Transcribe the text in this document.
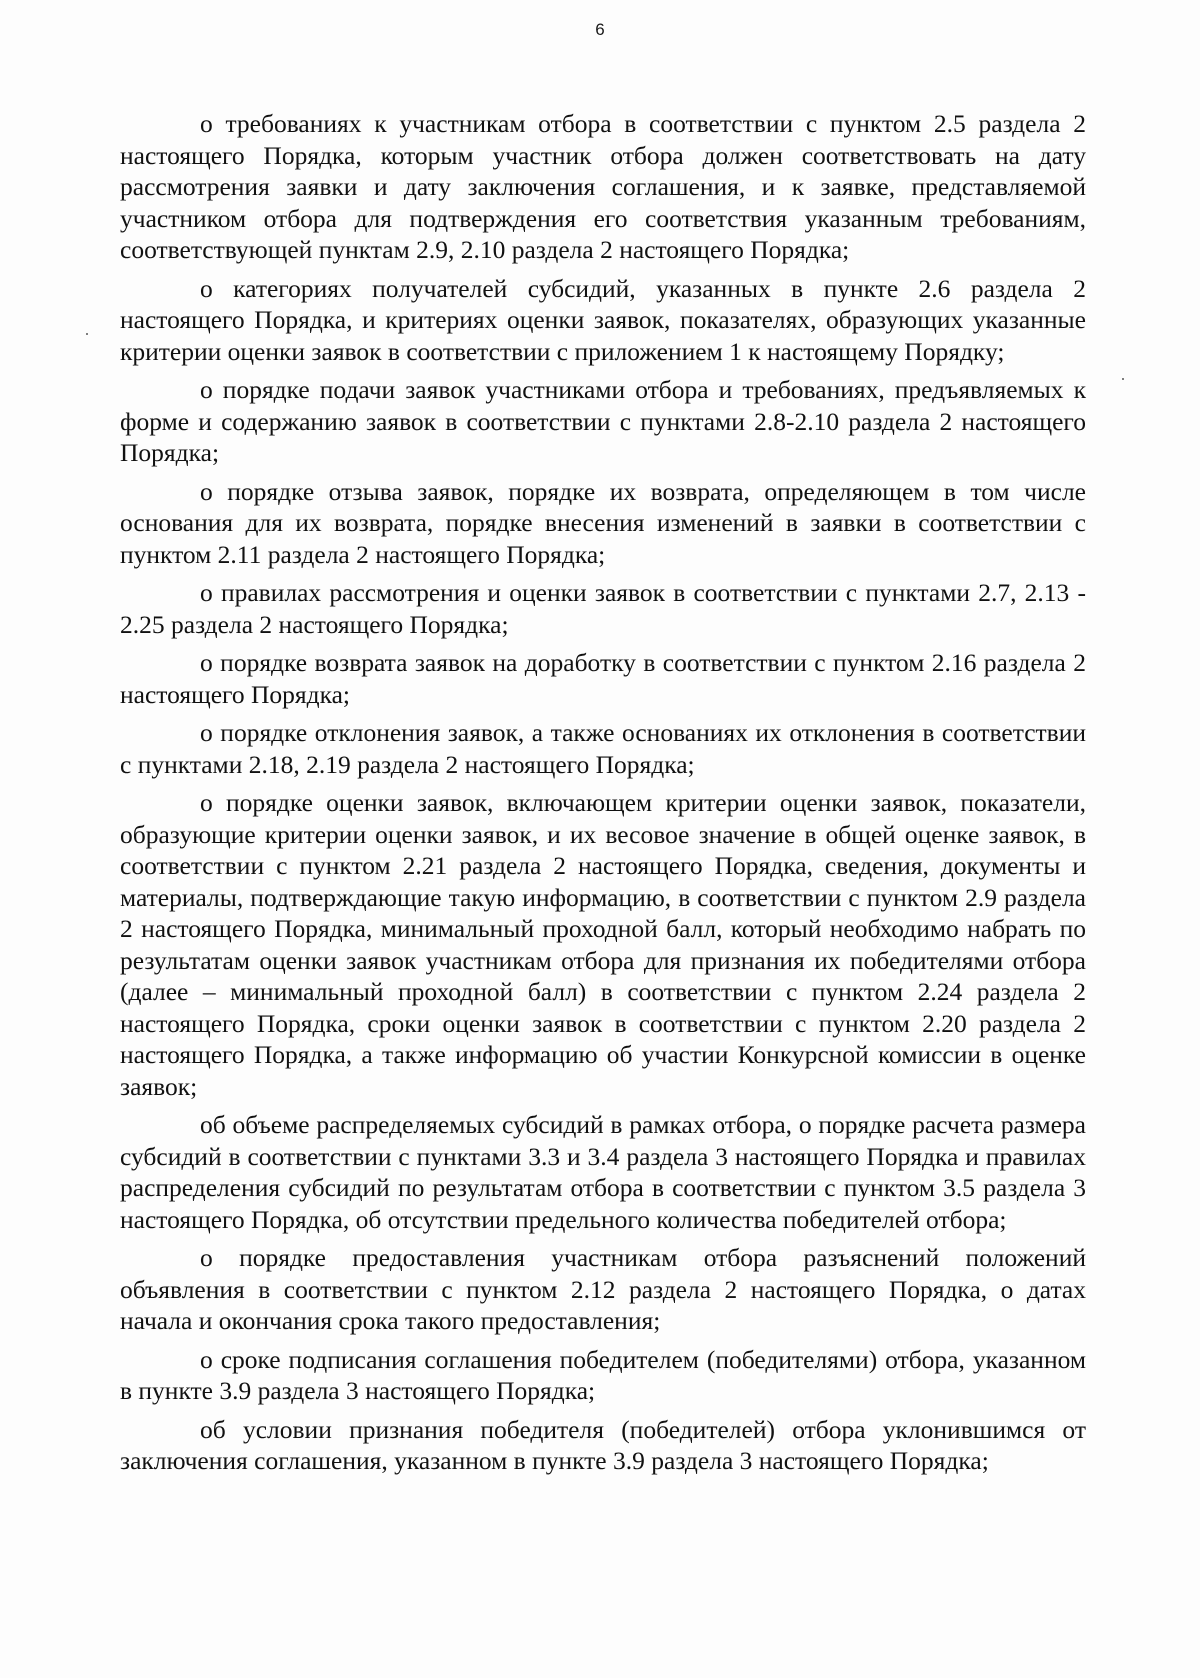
6

о требованиях к участникам отбора в соответствии с пунктом 2.5 раздела 2 настоящего Порядка, которым участник отбора должен соответствовать на дату рассмотрения заявки и дату заключения соглашения, и к заявке, представляемой участником отбора для подтверждения его соответствия указанным требованиям, соответствующей пунктам 2.9, 2.10 раздела 2 настоящего Порядка;

о категориях получателей субсидий, указанных в пункте 2.6 раздела 2 настоящего Порядка, и критериях оценки заявок, показателях, образующих указанные критерии оценки заявок в соответствии с приложением 1 к настоящему Порядку;

о порядке подачи заявок участниками отбора и требованиях, предъявляемых к форме и содержанию заявок в соответствии с пунктами 2.8-2.10 раздела 2 настоящего Порядка;

о порядке отзыва заявок, порядке их возврата, определяющем в том числе основания для их возврата, порядке внесения изменений в заявки в соответствии с пунктом 2.11 раздела 2 настоящего Порядка;

о правилах рассмотрения и оценки заявок в соответствии с пунктами 2.7, 2.13 - 2.25 раздела 2 настоящего Порядка;

о порядке возврата заявок на доработку в соответствии с пунктом 2.16 раздела 2 настоящего Порядка;

о порядке отклонения заявок, а также основаниях их отклонения в соответствии с пунктами 2.18, 2.19 раздела 2 настоящего Порядка;

о порядке оценки заявок, включающем критерии оценки заявок, показатели, образующие критерии оценки заявок, и их весовое значение в общей оценке заявок, в соответствии с пунктом 2.21 раздела 2 настоящего Порядка, сведения, документы и материалы, подтверждающие такую информацию, в соответствии с пунктом 2.9 раздела 2 настоящего Порядка, минимальный проходной балл, который необходимо набрать по результатам оценки заявок участникам отбора для признания их победителями отбора (далее – минимальный проходной балл) в соответствии с пунктом 2.24 раздела 2 настоящего Порядка, сроки оценки заявок в соответствии с пунктом 2.20 раздела 2 настоящего Порядка, а также информацию об участии Конкурсной комиссии в оценке заявок;

об объеме распределяемых субсидий в рамках отбора, о порядке расчета размера субсидий в соответствии с пунктами 3.3 и 3.4 раздела 3 настоящего Порядка и правилах распределения субсидий по результатам отбора в соответствии с пунктом 3.5 раздела 3 настоящего Порядка, об отсутствии предельного количества победителей отбора;

о порядке предоставления участникам отбора разъяснений положений объявления в соответствии с пунктом 2.12 раздела 2 настоящего Порядка, о датах начала и окончания срока такого предоставления;

о сроке подписания соглашения победителем (победителями) отбора, указанном в пункте 3.9 раздела 3 настоящего Порядка;

об условии признания победителя (победителей) отбора уклонившимся от заключения соглашения, указанном в пункте 3.9 раздела 3 настоящего Порядка;
